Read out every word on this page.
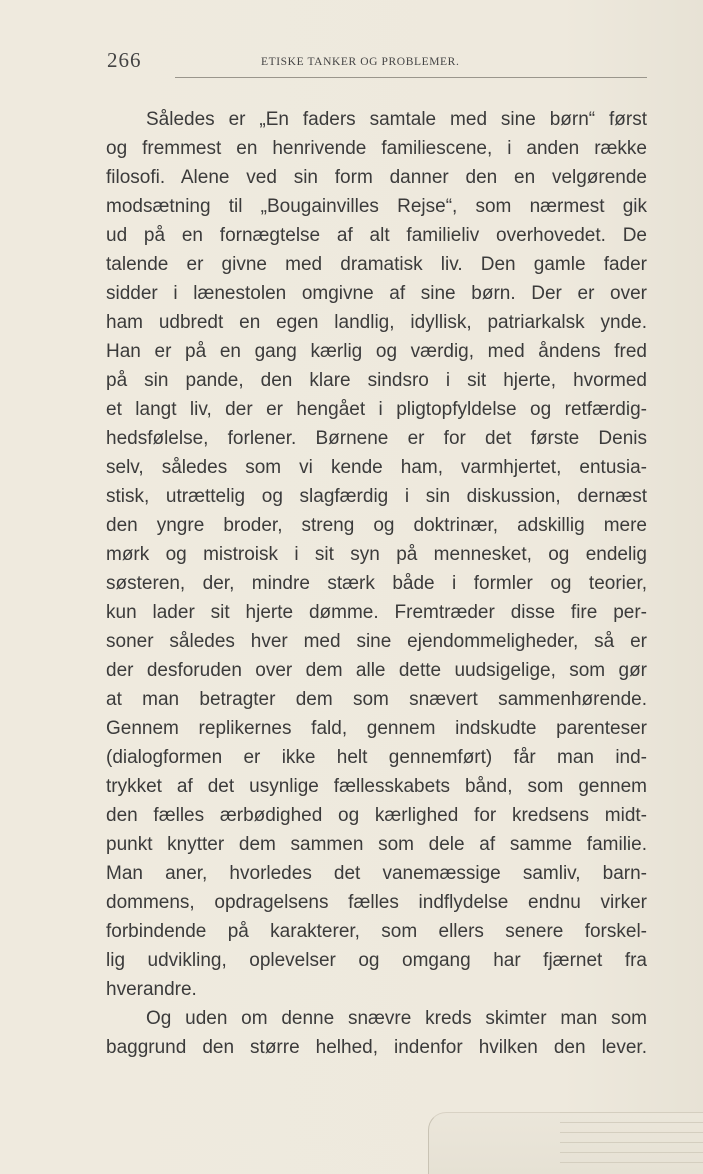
266	ETISKE TANKER OG PROBLEMER.
Således er „En faders samtale med sine børn“ først
og fremmest en henrivende familiescene, i anden række
filosofi. Alene ved sin form danner den en velgørende
modsætning til „Bougainvilles Rejse“, som nærmest gik
ud på en fornægtelse af alt familieliv overhovedet. De
talende er givne med dramatisk liv. Den gamle fader
sidder i lænestolen omgivne af sine børn. Der er over
ham udbredt en egen landlig, idyllisk, patriarkalsk ynde.
Han er på en gang kærlig og værdig, med åndens fred
på sin pande, den klare sindsro i sit hjerte, hvormed
et langt liv, der er hengået i pligtopfyldelse og retfærdig-
hedsfølelse, forlener. Børnene er for det første Denis
selv, således som vi kende ham, varmhjertet, entusia-
stisk, utrættelig og slagfærdig i sin diskussion, dernæst
den yngre broder, streng og doktrinær, adskillig mere
mørk og mistroisk i sit syn på mennesket, og endelig
søsteren, der, mindre stærk både i formler og teorier,
kun lader sit hjerte dømme. Fremtræder disse fire per-
soner således hver med sine ejendommeligheder, så er
der desforuden over dem alle dette uudsigelige, som gør
at man betragter dem som snævert sammenhørende.
Gennem replikernes fald, gennem indskudte parenteser
(dialogformen er ikke helt gennemført) får man ind-
trykket af det usynlige fællesskabets bånd, som gennem
den fælles ærbødighed og kærlighed for kredsens midt-
punkt knytter dem sammen som dele af samme familie.
Man aner, hvorledes det vanemæssige samliv, barn-
dommens, opdragelsens fælles indflydelse endnu virker
forbindende på karakterer, som ellers senere forskel-
lig udvikling, oplevelser og omgang har fjærnet fra
hverandre.
Og uden om denne snævre kreds skimter man som
baggrund den større helhed, indenfor hvilken den lever.
